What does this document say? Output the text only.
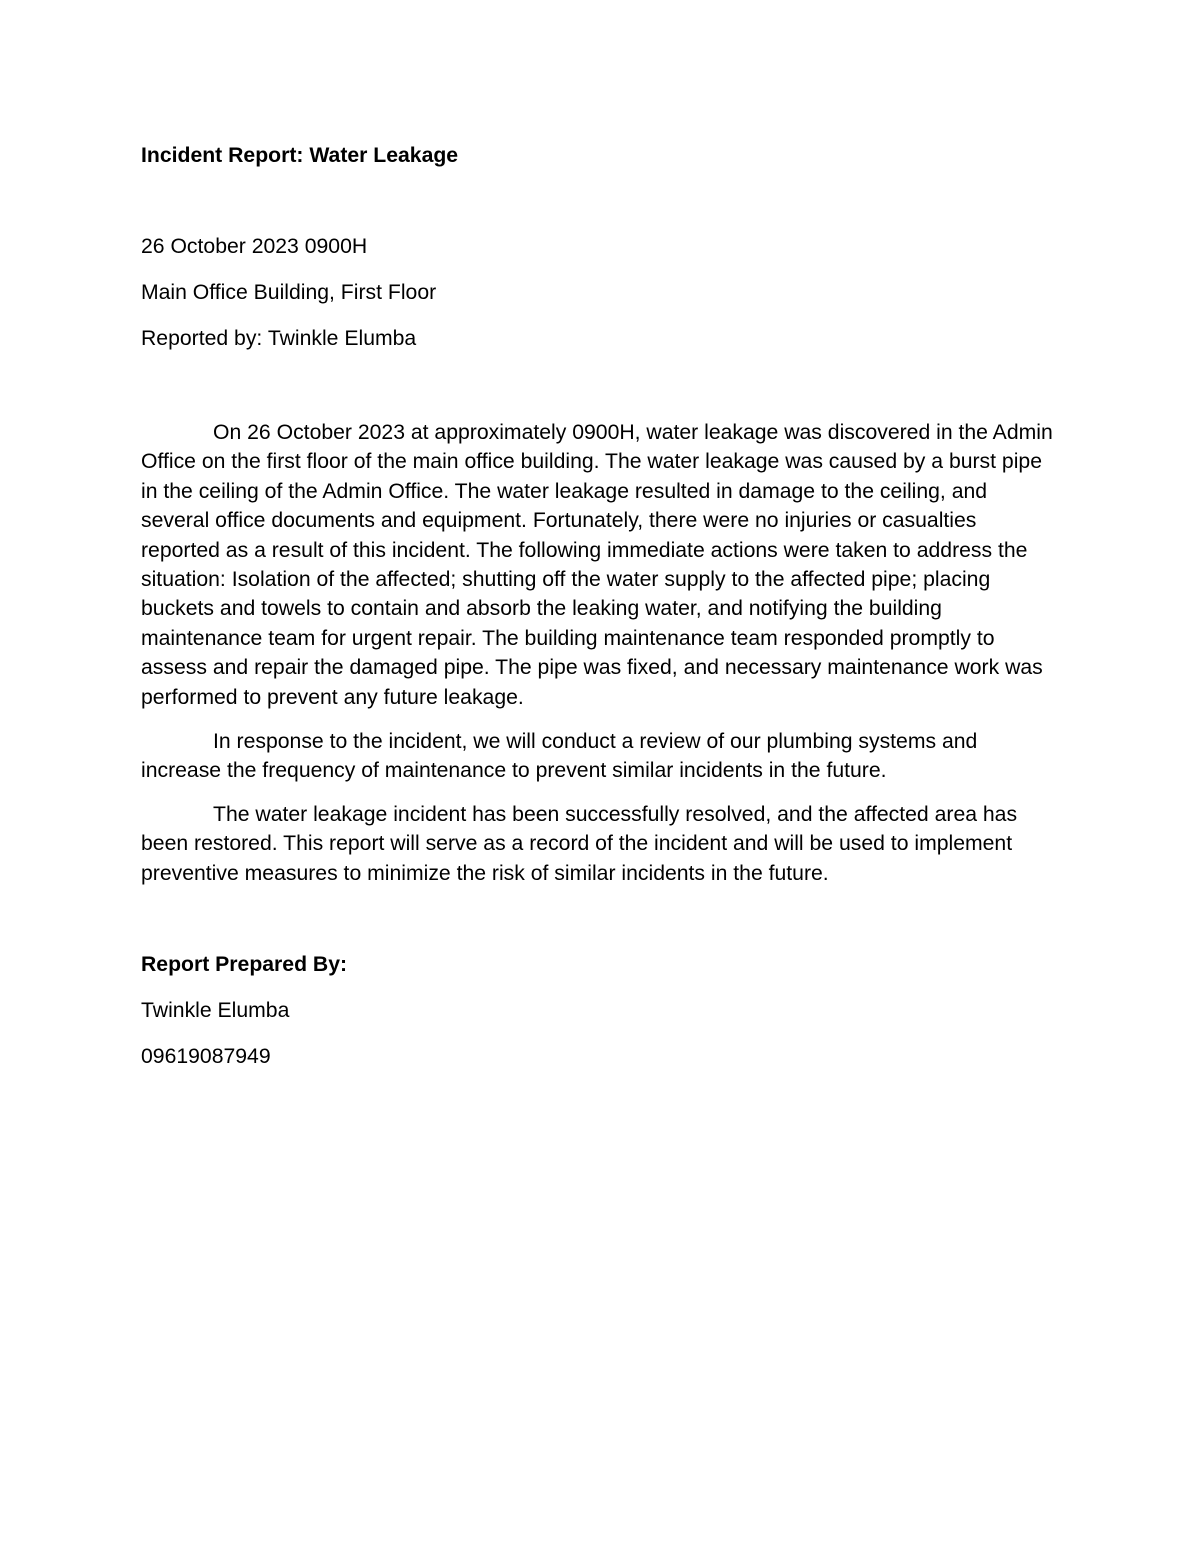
Incident Report: Water Leakage

26 October 2023 0900H

Main Office Building, First Floor

Reported by: Twinkle Elumba

On 26 October 2023 at approximately 0900H, water leakage was discovered in the Admin Office on the first floor of the main office building. The water leakage was caused by a burst pipe in the ceiling of the Admin Office. The water leakage resulted in damage to the ceiling, and several office documents and equipment. Fortunately, there were no injuries or casualties reported as a result of this incident. The following immediate actions were taken to address the situation: Isolation of the affected; shutting off the water supply to the affected pipe; placing buckets and towels to contain and absorb the leaking water, and notifying the building maintenance team for urgent repair. The building maintenance team responded promptly to assess and repair the damaged pipe. The pipe was fixed, and necessary maintenance work was performed to prevent any future leakage.

In response to the incident, we will conduct a review of our plumbing systems and increase the frequency of maintenance to prevent similar incidents in the future.

The water leakage incident has been successfully resolved, and the affected area has been restored. This report will serve as a record of the incident and will be used to implement preventive measures to minimize the risk of similar incidents in the future.

Report Prepared By:

Twinkle Elumba

09619087949
